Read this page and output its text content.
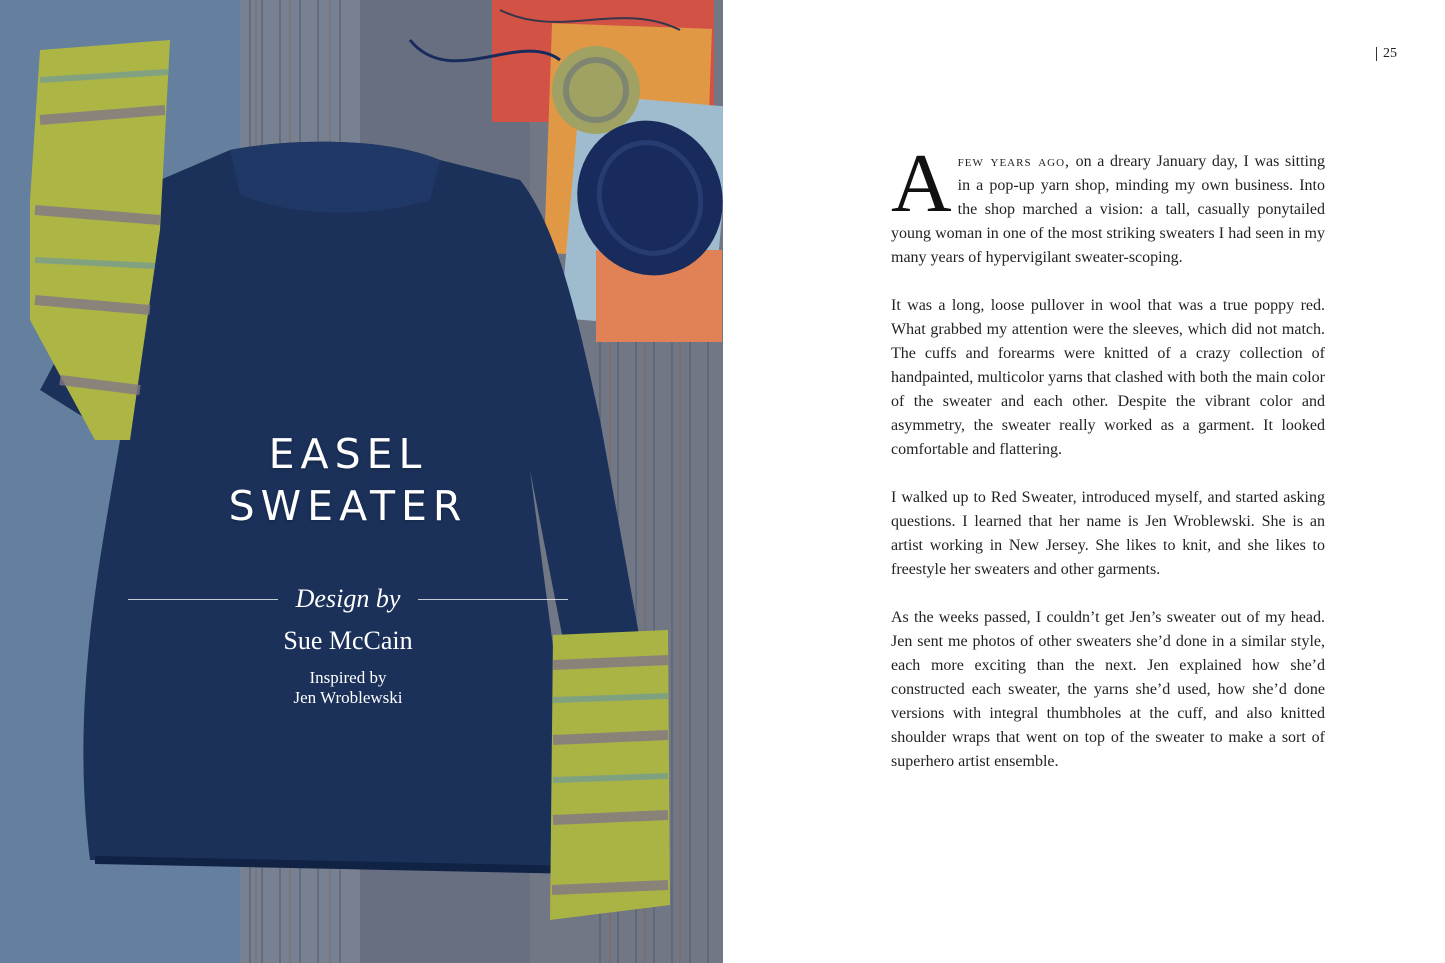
EASEL
SWEATER
Design by
Sue McCain
Inspired by
Jen Wroblewski
25

Afew years ago, on a dreary January day, I was sitting in a pop-up yarn shop, minding my own business. Into the shop marched a vision: a tall, casually ponytailed young woman in one of the most striking sweaters I had seen in my many years of hypervigilant sweater-scoping.

It was a long, loose pullover in wool that was a true poppy red. What grabbed my attention were the sleeves, which did not match. The cuffs and forearms were knitted of a crazy collection of handpainted, multicolor yarns that clashed with both the main color of the sweater and each other. Despite the vibrant color and asymmetry, the sweater really worked as a garment. It looked comfortable and flattering.

I walked up to Red Sweater, introduced myself, and started asking questions. I learned that her name is Jen Wroblewski. She is an artist working in New Jersey. She likes to knit, and she likes to freestyle her sweaters and other garments.

As the weeks passed, I couldn’t get Jen’s sweater out of my head. Jen sent me photos of other sweaters she’d done in a similar style, each more exciting than the next. Jen explained how she’d constructed each sweater, the yarns she’d used, how she’d done versions with integral thumbholes at the cuff, and also knitted shoulder wraps that went on top of the sweater to make a sort of superhero artist ensemble.
